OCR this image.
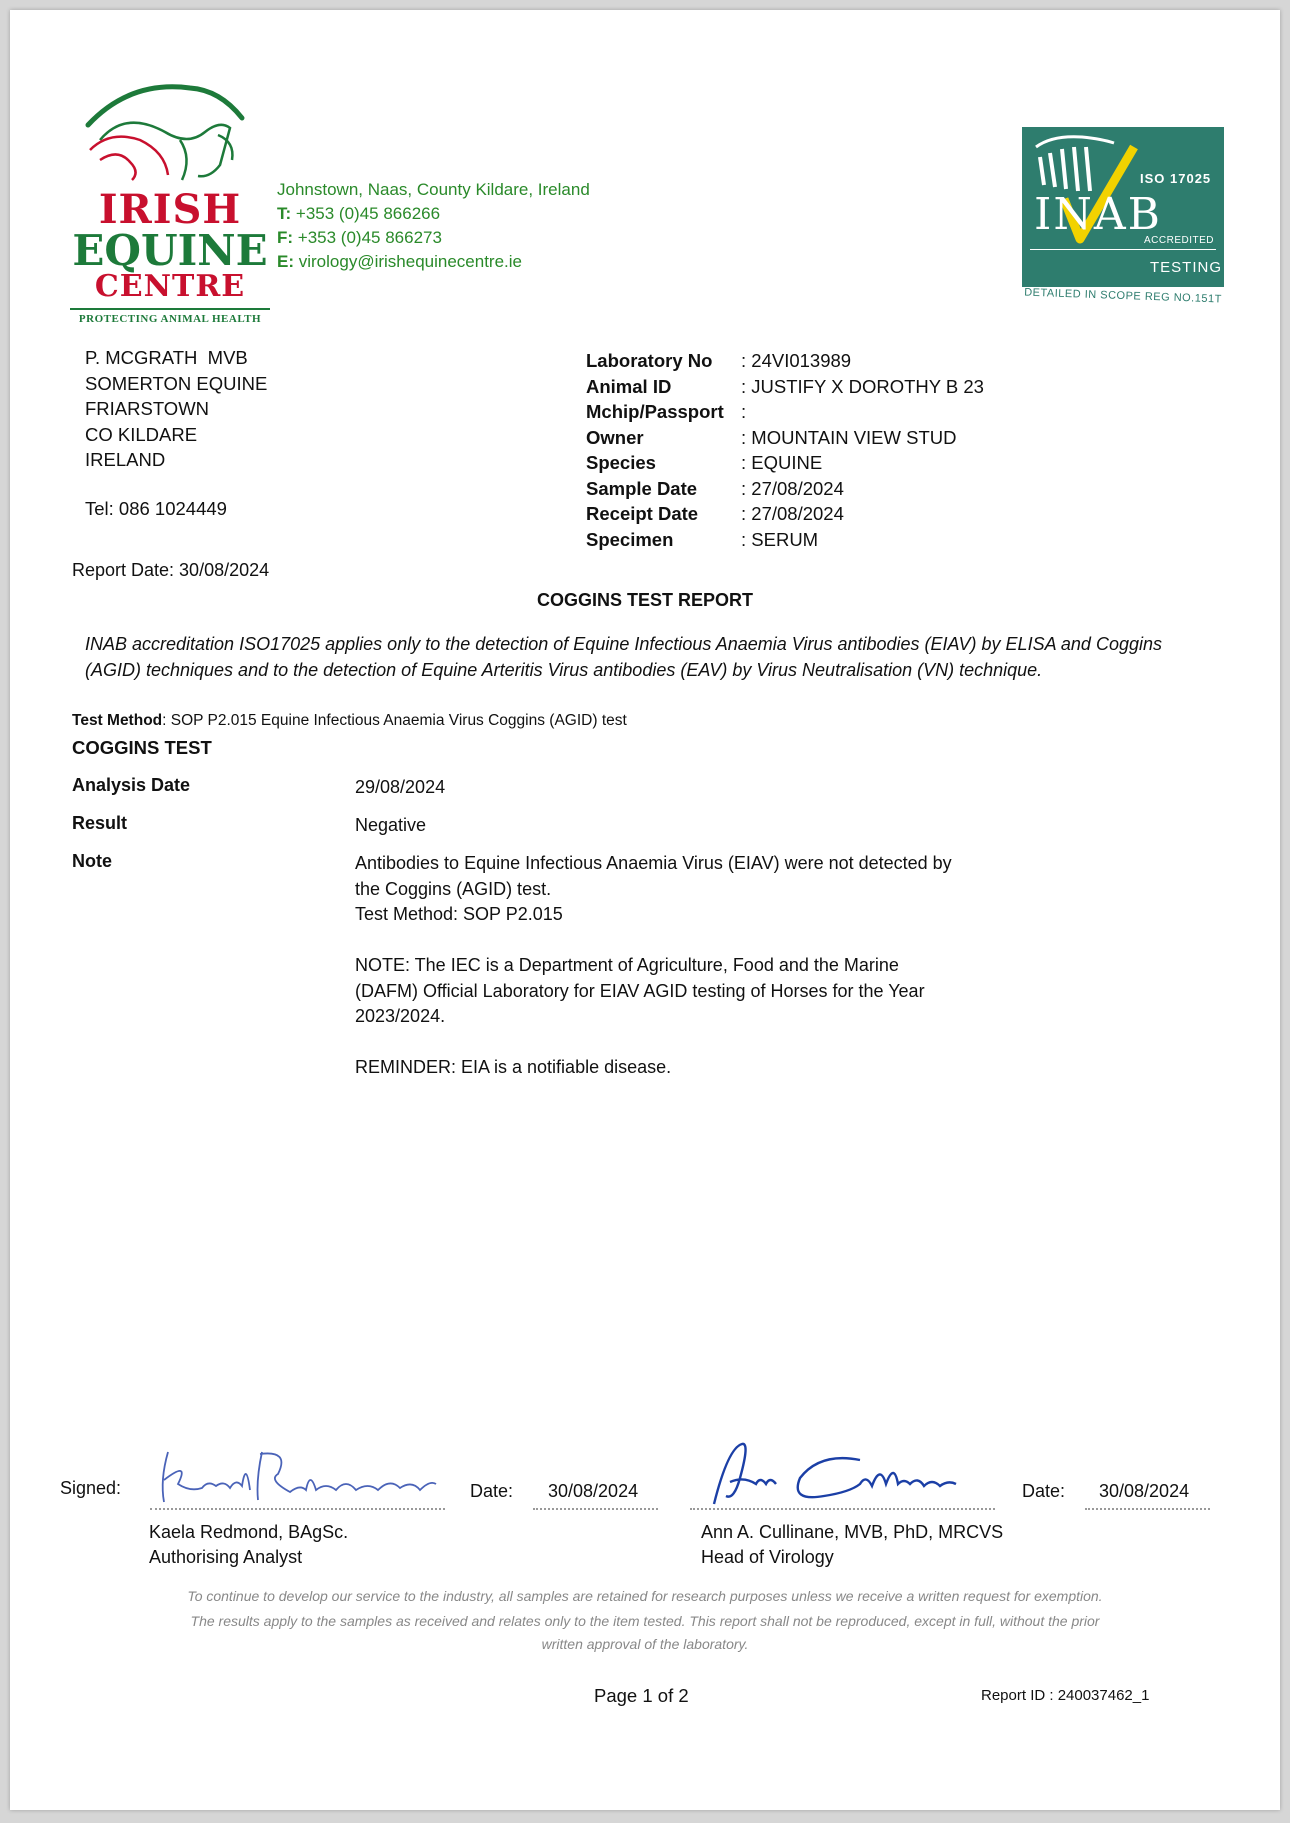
IRISH
EQUINE
CENTRE
PROTECTING ANIMAL HEALTH
Johnstown, Naas, County Kildare, Ireland
T: +353 (0)45 866266
F: +353 (0)45 866273
E: virology@irishequinecentre.ie
ISO 17025
INAB
ACCREDITED
TESTING
DETAILED IN SCOPE REG NO.151T
P. MCGRATH  MVB
SOMERTON EQUINE
FRIARSTOWN
CO KILDARE
IRELAND
Tel: 086 1024449
Laboratory No	: 24VI013989
Animal ID	: JUSTIFY X DOROTHY B 23
Mchip/Passport :
Owner	: MOUNTAIN VIEW STUD
Species	: EQUINE
Sample Date	: 27/08/2024
Receipt Date	: 27/08/2024
Specimen	: SERUM
Report Date: 30/08/2024
COGGINS TEST REPORT
INAB accreditation ISO17025 applies only to the detection of Equine Infectious Anaemia Virus antibodies (EIAV) by ELISA and Coggins (AGID) techniques and to the detection of Equine Arteritis Virus antibodies (EAV) by Virus Neutralisation (VN) technique.
Test Method: SOP P2.015 Equine Infectious Anaemia Virus Coggins (AGID) test
COGGINS TEST
Analysis Date	29/08/2024
Result	Negative
Note	Antibodies to Equine Infectious Anaemia Virus (EIAV) were not detected by
the Coggins (AGID) test.
Test Method: SOP P2.015
NOTE: The IEC is a Department of Agriculture, Food and the Marine
(DAFM) Official Laboratory for EIAV AGID testing of Horses for the Year
2023/2024.
REMINDER: EIA is a notifiable disease.
Signed:	Date: 30/08/2024
Kaela Redmond, BAgSc.
Authorising Analyst
Date: 30/08/2024
Ann A. Cullinane, MVB, PhD, MRCVS
Head of Virology
To continue to develop our service to the industry, all samples are retained for research purposes unless we receive a written request for exemption.
The results apply to the samples as received and relates only to the item tested. This report shall not be reproduced, except in full, without the prior
written approval of the laboratory.
Page 1 of 2	Report ID : 240037462_1
